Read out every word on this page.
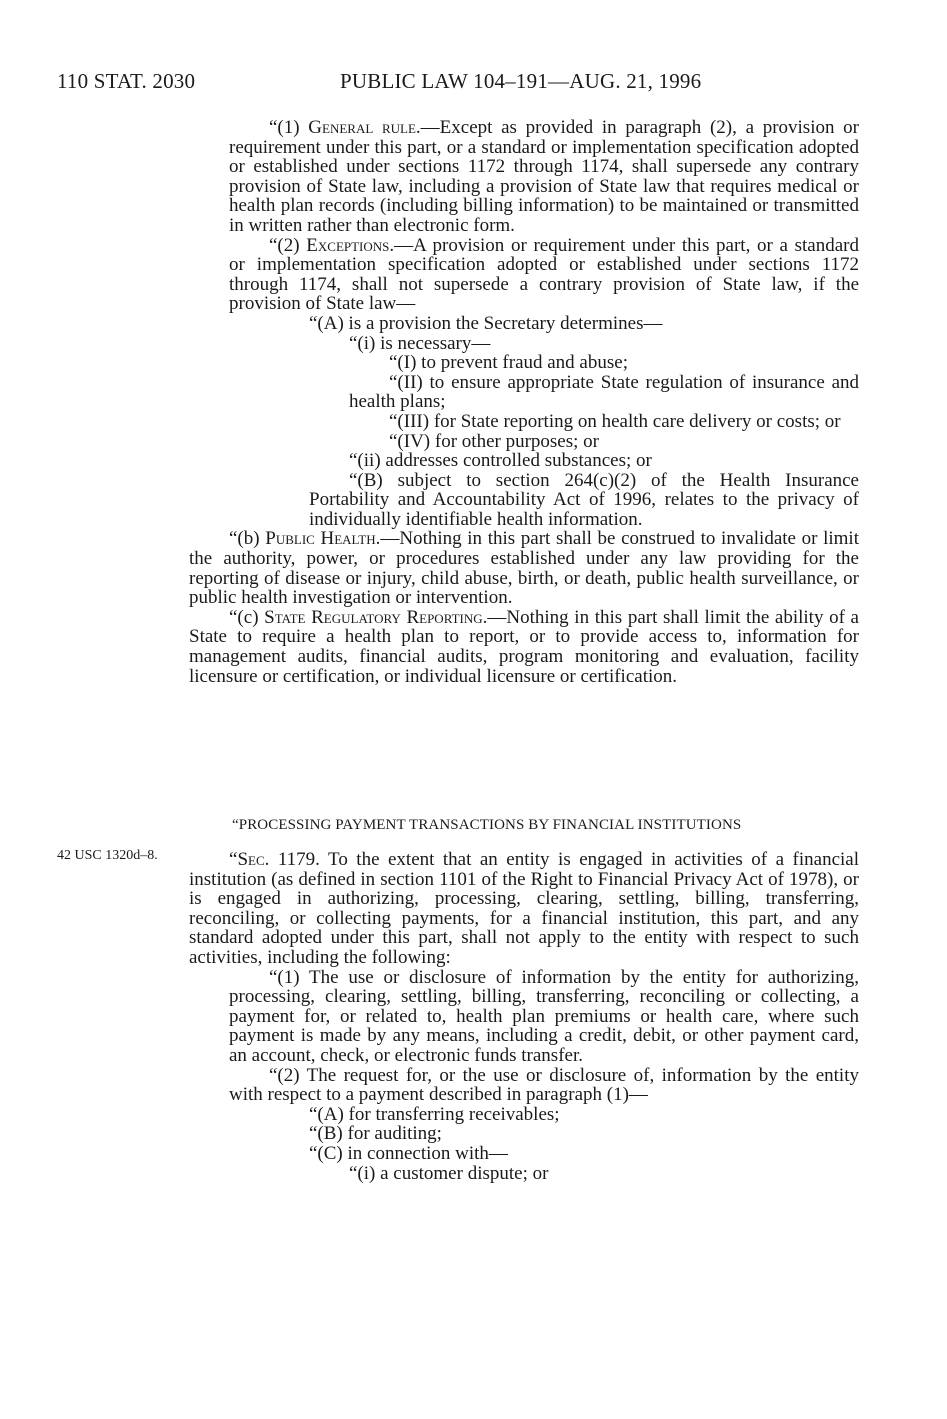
110 STAT. 2030	PUBLIC LAW 104–191—AUG. 21, 1996

“(1) General rule.—Except as provided in paragraph (2), a provision or requirement under this part, or a standard or implementation specification adopted or established under sections 1172 through 1174, shall supersede any contrary provision of State law, including a provision of State law that requires medical or health plan records (including billing information) to be maintained or transmitted in written rather than electronic form.

“(2) Exceptions.—A provision or requirement under this part, or a standard or implementation specification adopted or established under sections 1172 through 1174, shall not supersede a contrary provision of State law, if the provision of State law—

“(A) is a provision the Secretary determines—

“(i) is necessary—

“(I) to prevent fraud and abuse;

“(II) to ensure appropriate State regulation of insurance and health plans;

“(III) for State reporting on health care delivery or costs; or

“(IV) for other purposes; or

“(ii) addresses controlled substances; or

“(B) subject to section 264(c)(2) of the Health Insurance Portability and Accountability Act of 1996, relates to the privacy of individually identifiable health information.

“(b) Public Health.—Nothing in this part shall be construed to invalidate or limit the authority, power, or procedures established under any law providing for the reporting of disease or injury, child abuse, birth, or death, public health surveillance, or public health investigation or intervention.

“(c) State Regulatory Reporting.—Nothing in this part shall limit the ability of a State to require a health plan to report, or to provide access to, information for management audits, financial audits, program monitoring and evaluation, facility licensure or certification, or individual licensure or certification.

“PROCESSING PAYMENT TRANSACTIONS BY FINANCIAL INSTITUTIONS
42 USC 1320d–8.	“Sec. 1179. To the extent that an entity is engaged in activities of a financial institution (as defined in section 1101 of the Right to Financial Privacy Act of 1978), or is engaged in authorizing, processing, clearing, settling, billing, transferring, reconciling, or collecting payments, for a financial institution, this part, and any standard adopted under this part, shall not apply to the entity with respect to such activities, including the following:

“(1) The use or disclosure of information by the entity for authorizing, processing, clearing, settling, billing, transferring, reconciling or collecting, a payment for, or related to, health plan premiums or health care, where such payment is made by any means, including a credit, debit, or other payment card, an account, check, or electronic funds transfer.

“(2) The request for, or the use or disclosure of, information by the entity with respect to a payment described in paragraph (1)—

“(A) for transferring receivables;

“(B) for auditing;

“(C) in connection with—

“(i) a customer dispute; or
